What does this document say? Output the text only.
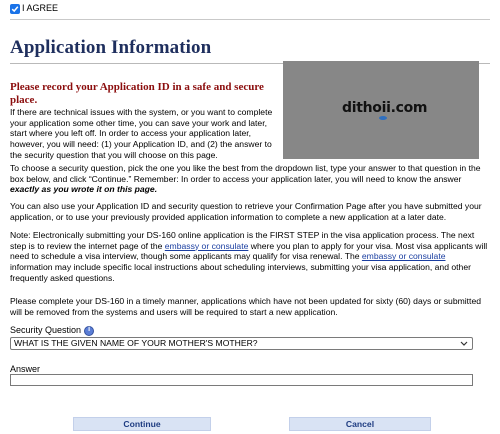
I AGREE
Application Information
Please record your Application ID in a safe and secure place.
If there are technical issues with the system, or you want to complete your application some other time, you can save your work and later, start where you left off. In order to access your application later, however, you will need: (1) your Application ID, and (2) the answer to the security question that you will choose on this page.
dithoii.com
To choose a security question, pick the one you like the best from the dropdown list, type your answer to that question in the box below, and click “Continue.” Remember: In order to access your application later, you will need to know the answer exactly as you wrote it on this page.
You can also use your Application ID and security question to retrieve your Confirmation Page after you have submitted your application, or to use your previously provided application information to complete a new application at a later date.
Note: Electronically submitting your DS-160 online application is the FIRST STEP in the visa application process. The next step is to review the internet page of the embassy or consulate where you plan to apply for your visa. Most visa applicants will need to schedule a visa interview, though some applicants may qualify for visa renewal. The embassy or consulate information may include specific local instructions about scheduling interviews, submitting your visa application, and other frequently asked questions.
Please complete your DS-160 in a timely manner, applications which have not been updated for sixty (60) days or submitted will be removed from the systems and users will be required to start a new application.
Security Question	i
WHAT IS THE GIVEN NAME OF YOUR MOTHER'S MOTHER?
Answer
Continue	Cancel
